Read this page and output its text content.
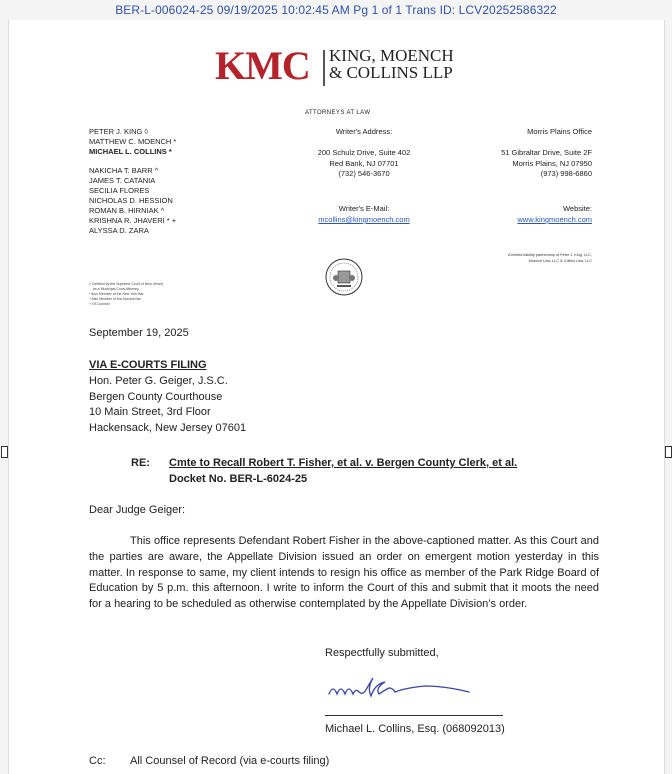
BER-L-006024-25 09/19/2025 10:02:45 AM Pg 1 of 1 Trans ID: LCV20252586322
KMC KING, MOENCH
& COLLINS LLP
ATTORNEYS AT LAW
PETER J. KING ◊
MATTHEW C. MOENCH *
MICHAEL L. COLLINS *
NAKICHA T. BARR ^
JAMES T. CATANIA
SECILIA FLORES
NICHOLAS D. HESSION
ROMAN B. HIRNIAK ^
KRISHNA R. JHAVERI * +
ALYSSA D. ZARA
◊ Certified by the Supreme Court of New Jersey
as a Municipal Court Attorney
* Also Member of the New York Bar
^ Also Member of the Arizona Bar
+ Of Counsel
Writer's Address:
200 Schulz Drive, Suite 402
Red Bank, NJ 07701
(732) 546-3670
Writer's E-Mail:
mcollins@kingmoench.com
Morris Plains Office
51 Gibraltar Drive, Suite 2F
Morris Plains, NJ 07950
(973) 998-6860
Website:
www.kingmoench.com
A limited liability partnership of Peter J. King, LLC,
Moench Law, LLC & Collins Law, LLC
September 19, 2025
VIA E-COURTS FILING
Hon. Peter G. Geiger, J.S.C.
Bergen County Courthouse
10 Main Street, 3rd Floor
Hackensack, New Jersey 07601
RE: Cmte to Recall Robert T. Fisher, et al. v. Bergen County Clerk, et al.
Docket No. BER-L-6024-25
Dear Judge Geiger:
This office represents Defendant Robert Fisher in the above-captioned matter. As this Court and the parties are aware, the Appellate Division issued an order on emergent motion yesterday in this matter. In response to same, my client intends to resign his office as member of the Park Ridge Board of Education by 5 p.m. this afternoon. I write to inform the Court of this and submit that it moots the need for a hearing to be scheduled as otherwise contemplated by the Appellate Division’s order.
Respectfully submitted,
Michael L. Collins, Esq. (068092013)
Cc: All Counsel of Record (via e-courts filing)
